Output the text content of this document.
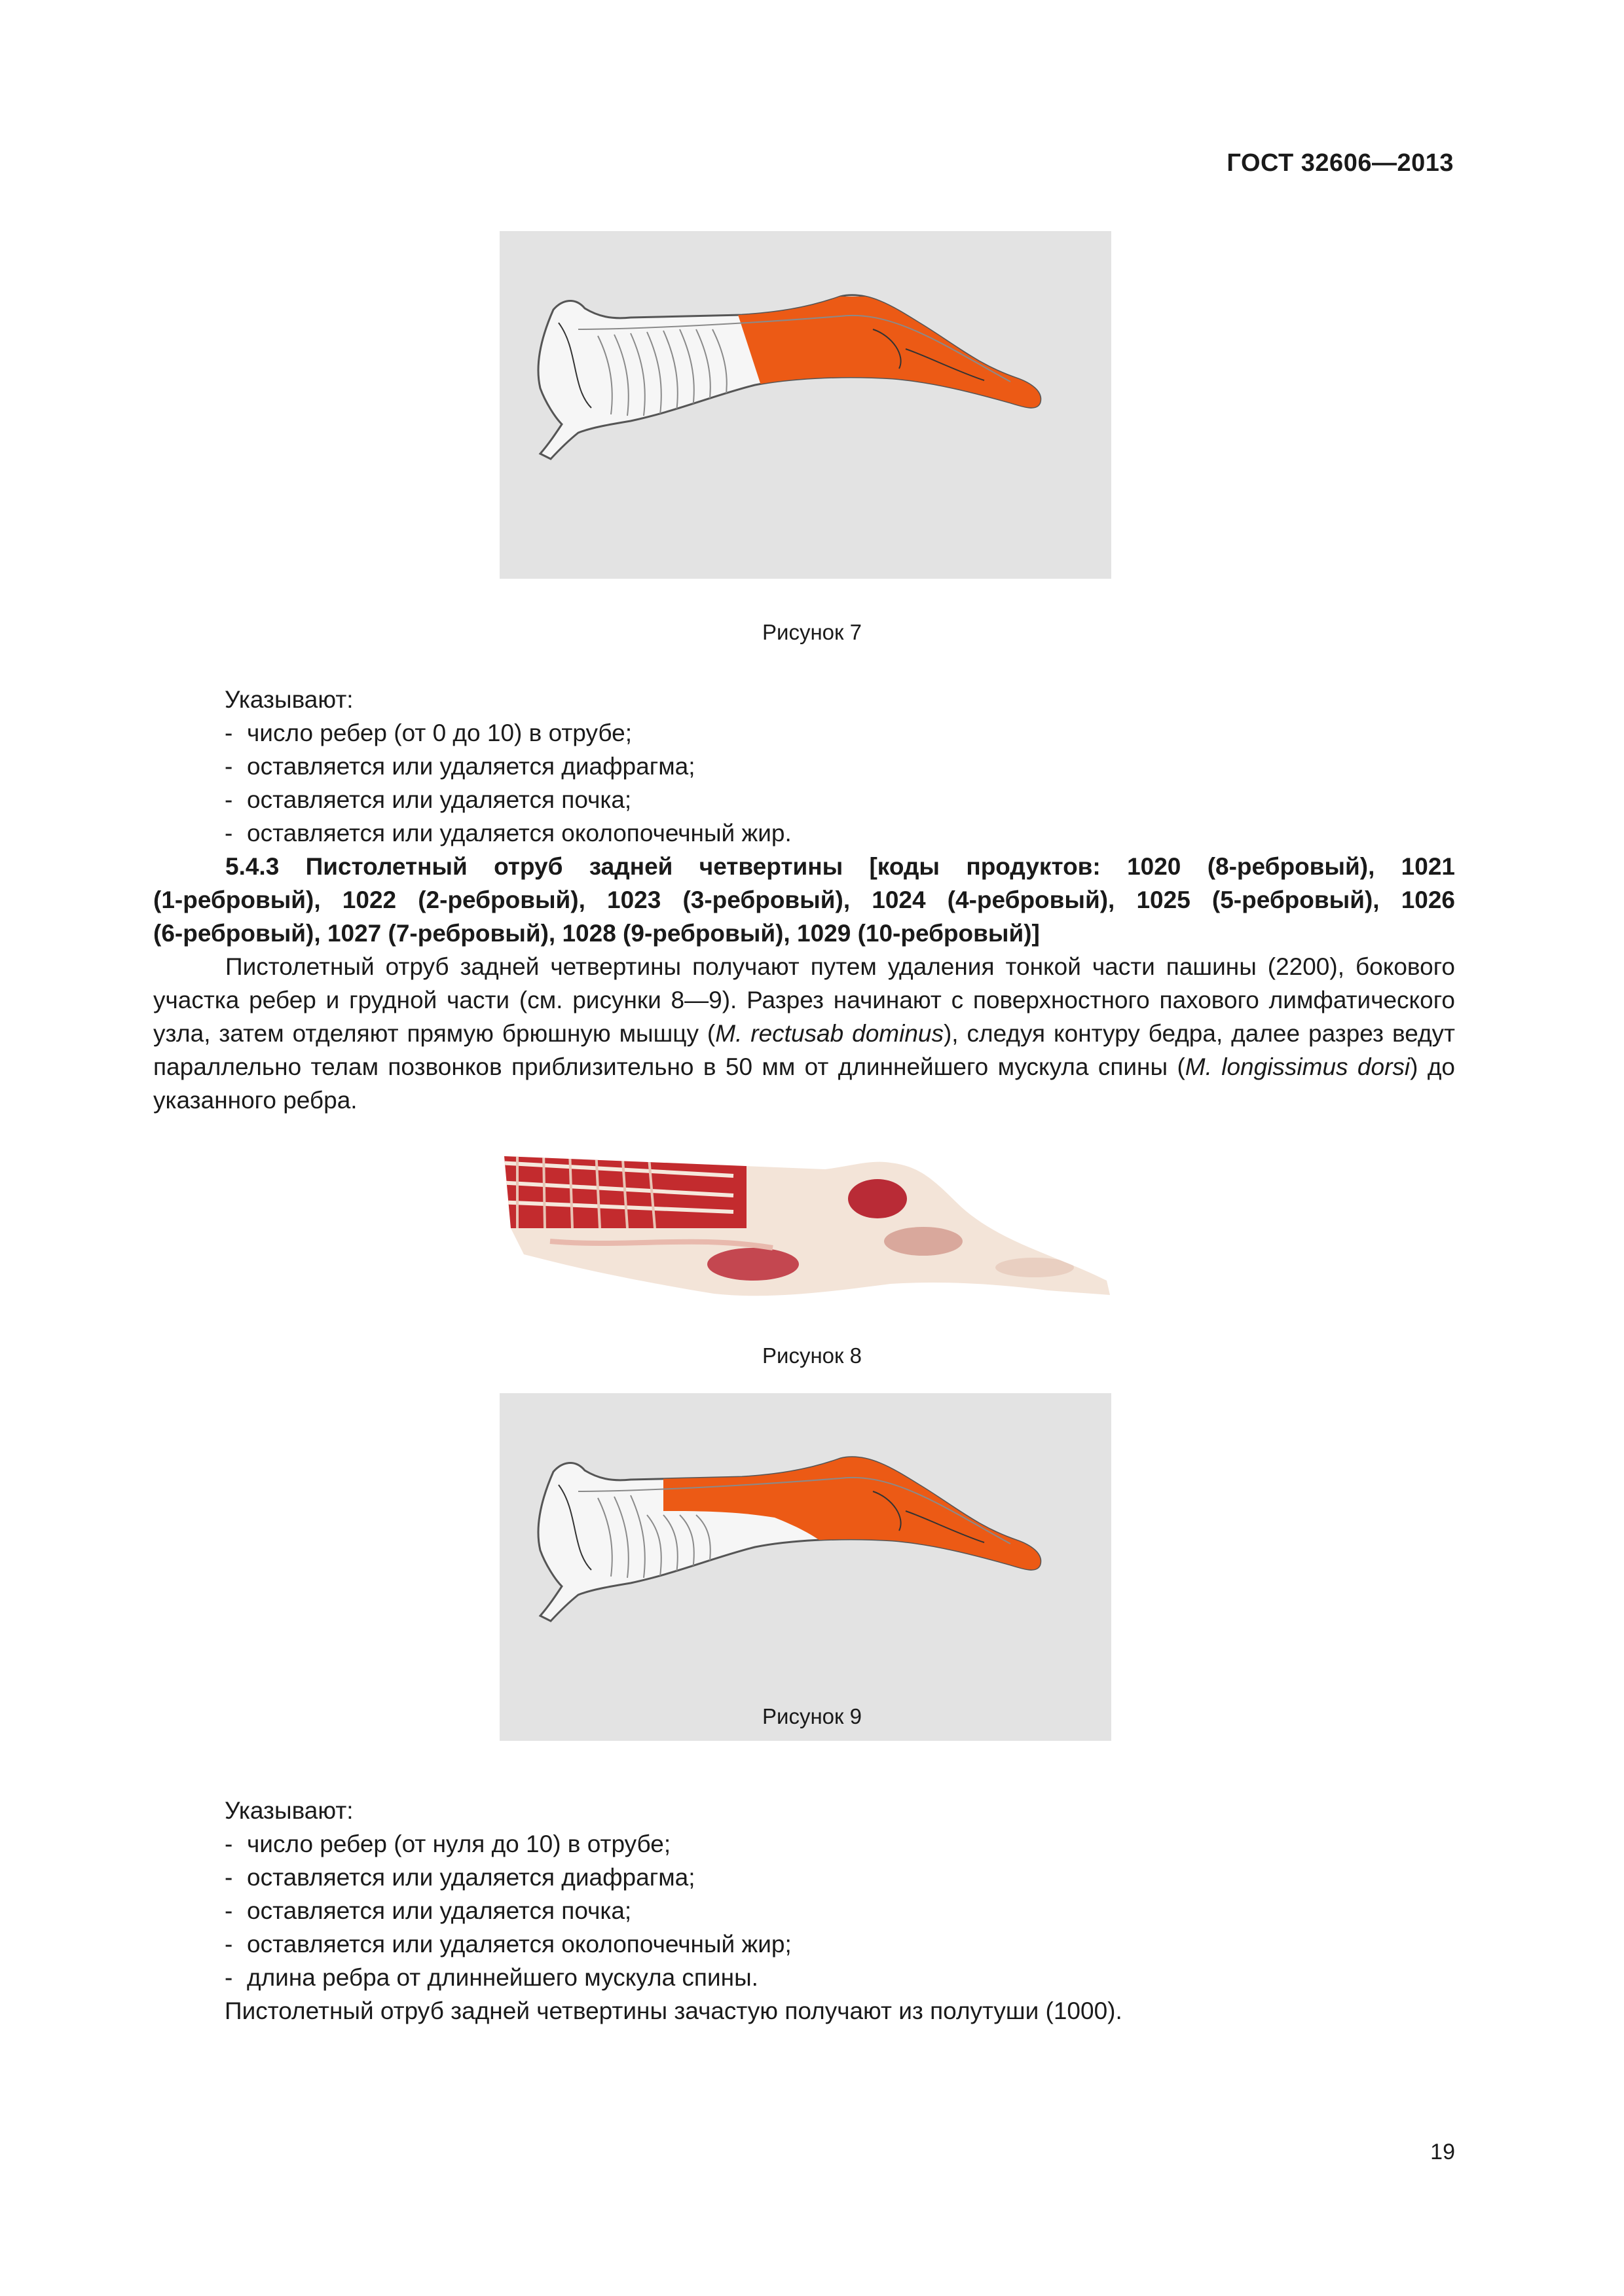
ГОСТ 32606—2013
Рисунок 7
Указывают:
- число ребер (от 0 до 10) в отрубе;
- оставляется или удаляется диафрагма;
- оставляется или удаляется почка;
- оставляется или удаляется околопочечный жир.
5.4.3 Пистолетный отруб задней четвертины [коды продуктов: 1020 (8-ребровый), 1021
(1-ребровый), 1022 (2-ребровый), 1023 (3-ребровый), 1024 (4-ребровый), 1025 (5-ребровый), 1026
(6-ребровый), 1027 (7-ребровый), 1028 (9-ребровый), 1029 (10-ребровый)]
Пистолетный отруб задней четвертины получают путем удаления тонкой части пашины (2200), бокового участка ребер и грудной части (см. рисунки 8—9). Разрез начинают с поверхностного пахового лимфатического узла, затем отделяют прямую брюшную мышцу (M. rectusab dominus), следуя контуру бедра, далее разрез ведут параллельно телам позвонков приблизительно в 50 мм от длиннейшего мускула спины (M. longissimus dorsi) до указанного ребра.
Рисунок 8
Рисунок 9
Указывают:
- число ребер (от нуля до 10) в отрубе;
- оставляется или удаляется диафрагма;
- оставляется или удаляется почка;
- оставляется или удаляется околопочечный жир;
- длина ребра от длиннейшего мускула спины.
Пистолетный отруб задней четвертины зачастую получают из полутуши (1000).
19
